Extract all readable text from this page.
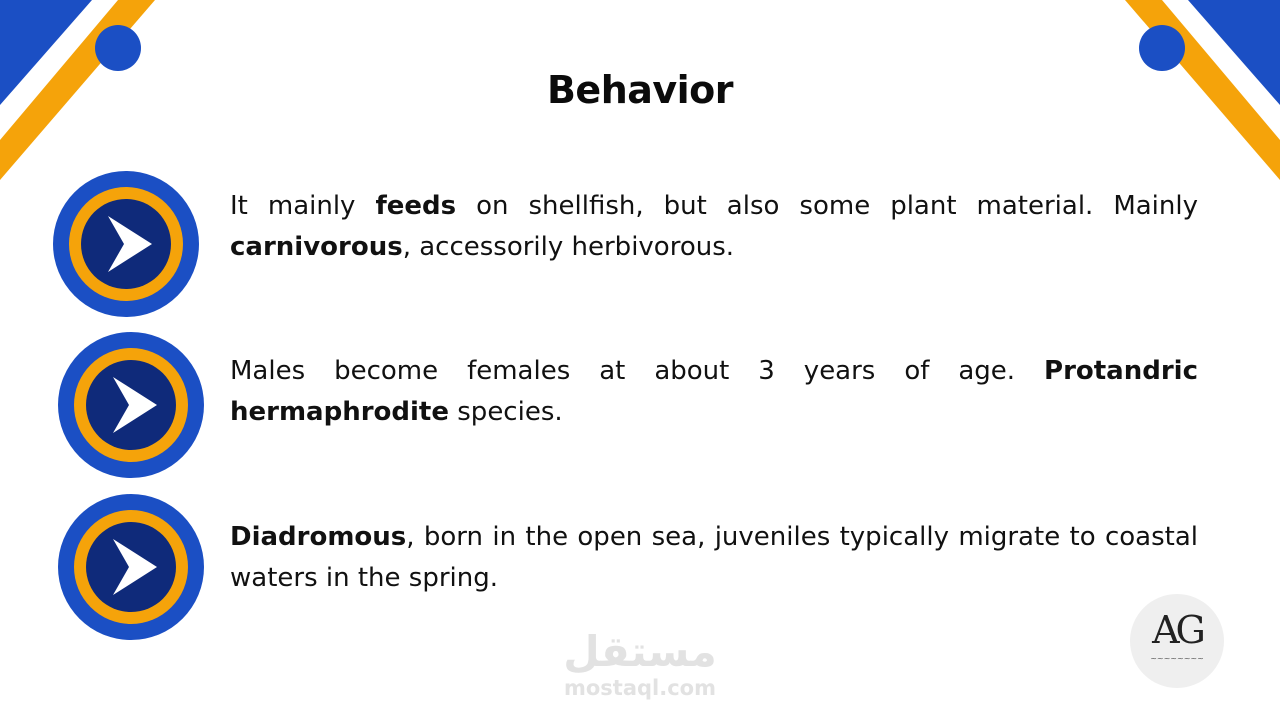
Behavior

It mainly feeds on shellfish, but also some plant material. Mainly carnivorous, accessorily herbivorous.

Males become females at about 3 years of age. Protandric hermaphrodite species.

Diadromous, born in the open sea, juveniles typically migrate to coastal waters in the spring.

مستقل
mostaql.com
AG
~~~~~~~~
